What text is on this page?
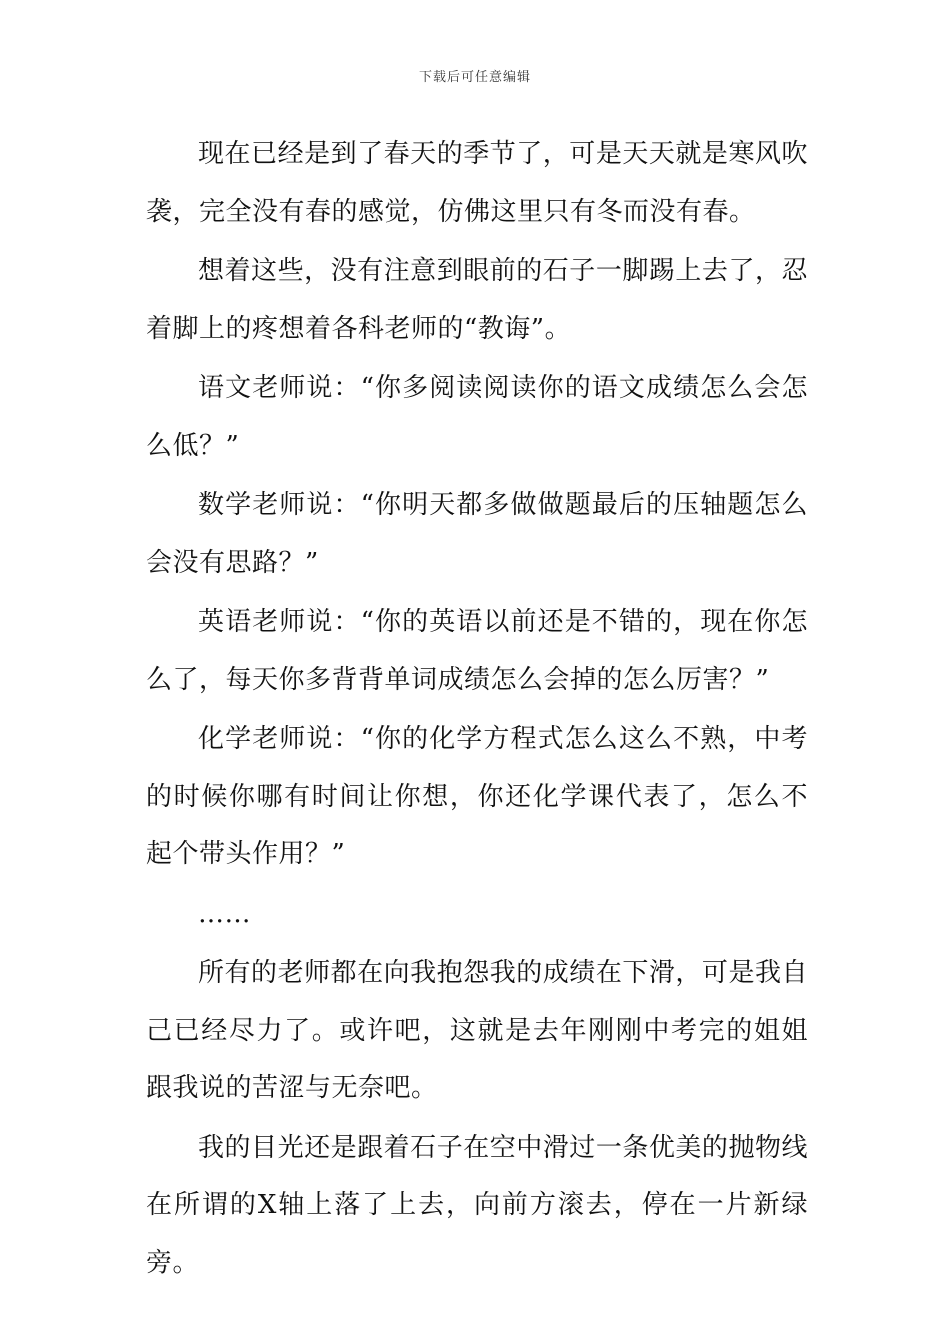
下载后可任意编辑

现在已经是到了春天的季节了，可是天天就是寒风吹袭，完全没有春的感觉，仿佛这里只有冬而没有春。

想着这些，没有注意到眼前的石子一脚踢上去了，忍着脚上的疼想着各科老师的“教诲”。

语文老师说：“你多阅读阅读你的语文成绩怎么会怎么低？”

数学老师说：“你明天都多做做题最后的压轴题怎么会没有思路？”

英语老师说：“你的英语以前还是不错的，现在你怎么了，每天你多背背单词成绩怎么会掉的怎么厉害？”

化学老师说：“你的化学方程式怎么这么不熟，中考的时候你哪有时间让你想，你还化学课代表了，怎么不起个带头作用？”

……

所有的老师都在向我抱怨我的成绩在下滑，可是我自己已经尽力了。或许吧，这就是去年刚刚中考完的姐姐跟我说的苦涩与无奈吧。

我的目光还是跟着石子在空中滑过一条优美的抛物线在所谓的X轴上落了上去，向前方滚去，停在一片新绿旁。
